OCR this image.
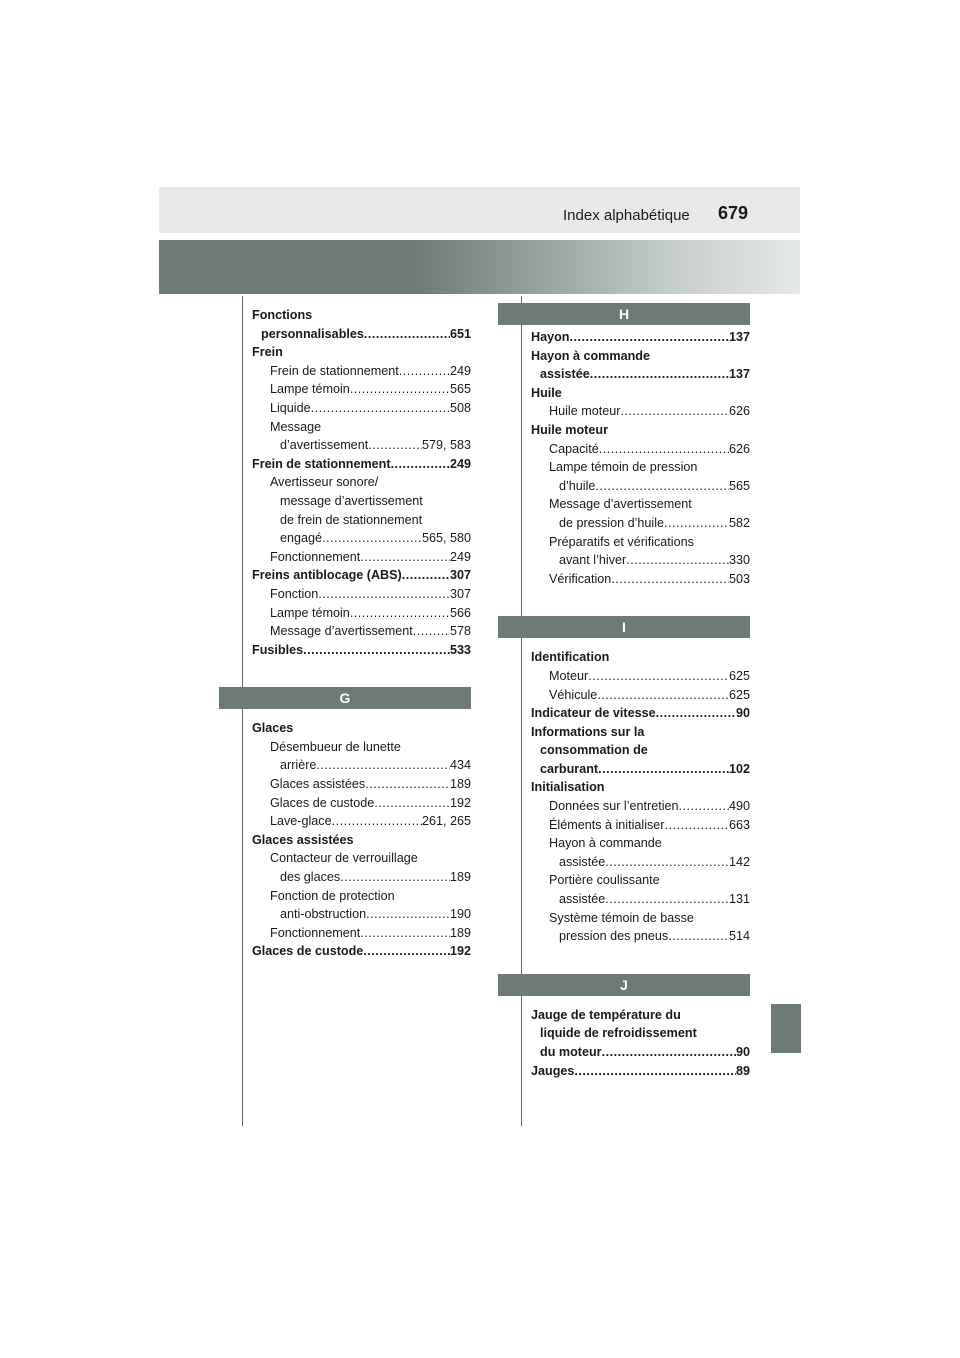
Index alphabétique 679
Fonctions
personnalisables .....	651
Frein
Frein de stationnement .....	249
Lampe témoin .....	565
Liquide .....	508
Message
d’avertissement .....	579, 583
Frein de stationnement .....	249
Avertisseur sonore/
message d’avertissement
de frein de stationnement
engagé .....	565, 580
Fonctionnement .....	249
Freins antiblocage (ABS) .....	307
Fonction .....	307
Lampe témoin .....	566
Message d’avertissement .....	578
Fusibles .....	533
G
Glaces
Désembueur de lunette
arrière .....	434
Glaces assistées .....	189
Glaces de custode .....	192
Lave-glace .....	261, 265
Glaces assistées
Contacteur de verrouillage
des glaces .....	189
Fonction de protection
anti-obstruction .....	190
Fonctionnement .....	189
Glaces de custode .....	192
H
Hayon .....	137
Hayon à commande
assistée .....	137
Huile
Huile moteur .....	626
Huile moteur
Capacité .....	626
Lampe témoin de pression
d’huile .....	565
Message d’avertissement
de pression d’huile .....	582
Préparatifs et vérifications
avant l’hiver .....	330
Vérification .....	503
I
Identification
Moteur .....	625
Véhicule .....	625
Indicateur de vitesse .....	90
Informations sur la
consommation de
carburant .....	102
Initialisation
Données sur l’entretien .....	490
Éléments à initialiser .....	663
Hayon à commande
assistée .....	142
Portière coulissante
assistée .....	131
Système témoin de basse
pression des pneus .....	514
J
Jauge de température du
liquide de refroidissement
du moteur .....	90
Jauges .....	89
